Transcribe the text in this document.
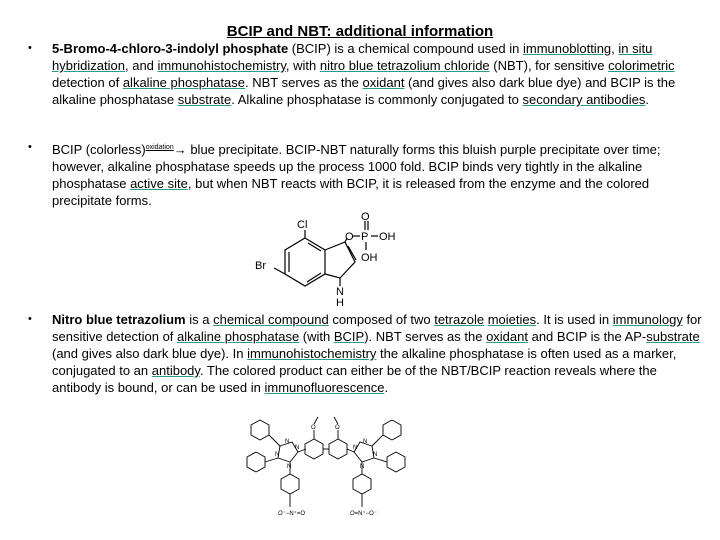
BCIP and NBT: additional information
• 5-Bromo-4-chloro-3-indolyl phosphate (BCIP) is a chemical compound used in immunoblotting, in situ hybridization, and immunohistochemistry, with nitro blue tetrazolium chloride (NBT), for sensitive colorimetric detection of alkaline phosphatase. NBT serves as the oxidant (and gives also dark blue dye) and BCIP is the alkaline phosphatase substrate. Alkaline phosphatase is commonly conjugated to secondary antibodies.
• BCIP (colorless)$^{oxidation}$→ blue precipitate. BCIP-NBT naturally forms this bluish purple precipitate over time; however, alkaline phosphatase speeds up the process 1000 fold. BCIP binds very tightly in the alkaline phosphatase active site, but when NBT reacts with BCIP, it is released from the enzyme and the colored precipitate forms.
O
O P OH
OH
Cl
Br
N
H
• Nitro blue tetrazolium is a chemical compound composed of two tetrazole moieties. It is used in immunology for sensitive detection of alkaline phosphatase (with BCIP). NBT serves as the oxidant and BCIP is the AP-substrate (and gives also dark blue dye). In immunohistochemistry the alkaline phosphatase is often used as a marker, conjugated to an antibody. The colored product can either be of the NBT/BCIP reaction reveals where the antibody is bound, or can be used in immunofluorescence.
N
N
N
N
N
N
N
N
O	O
O⁻−N⁺=O	O=N⁺−O⁻
